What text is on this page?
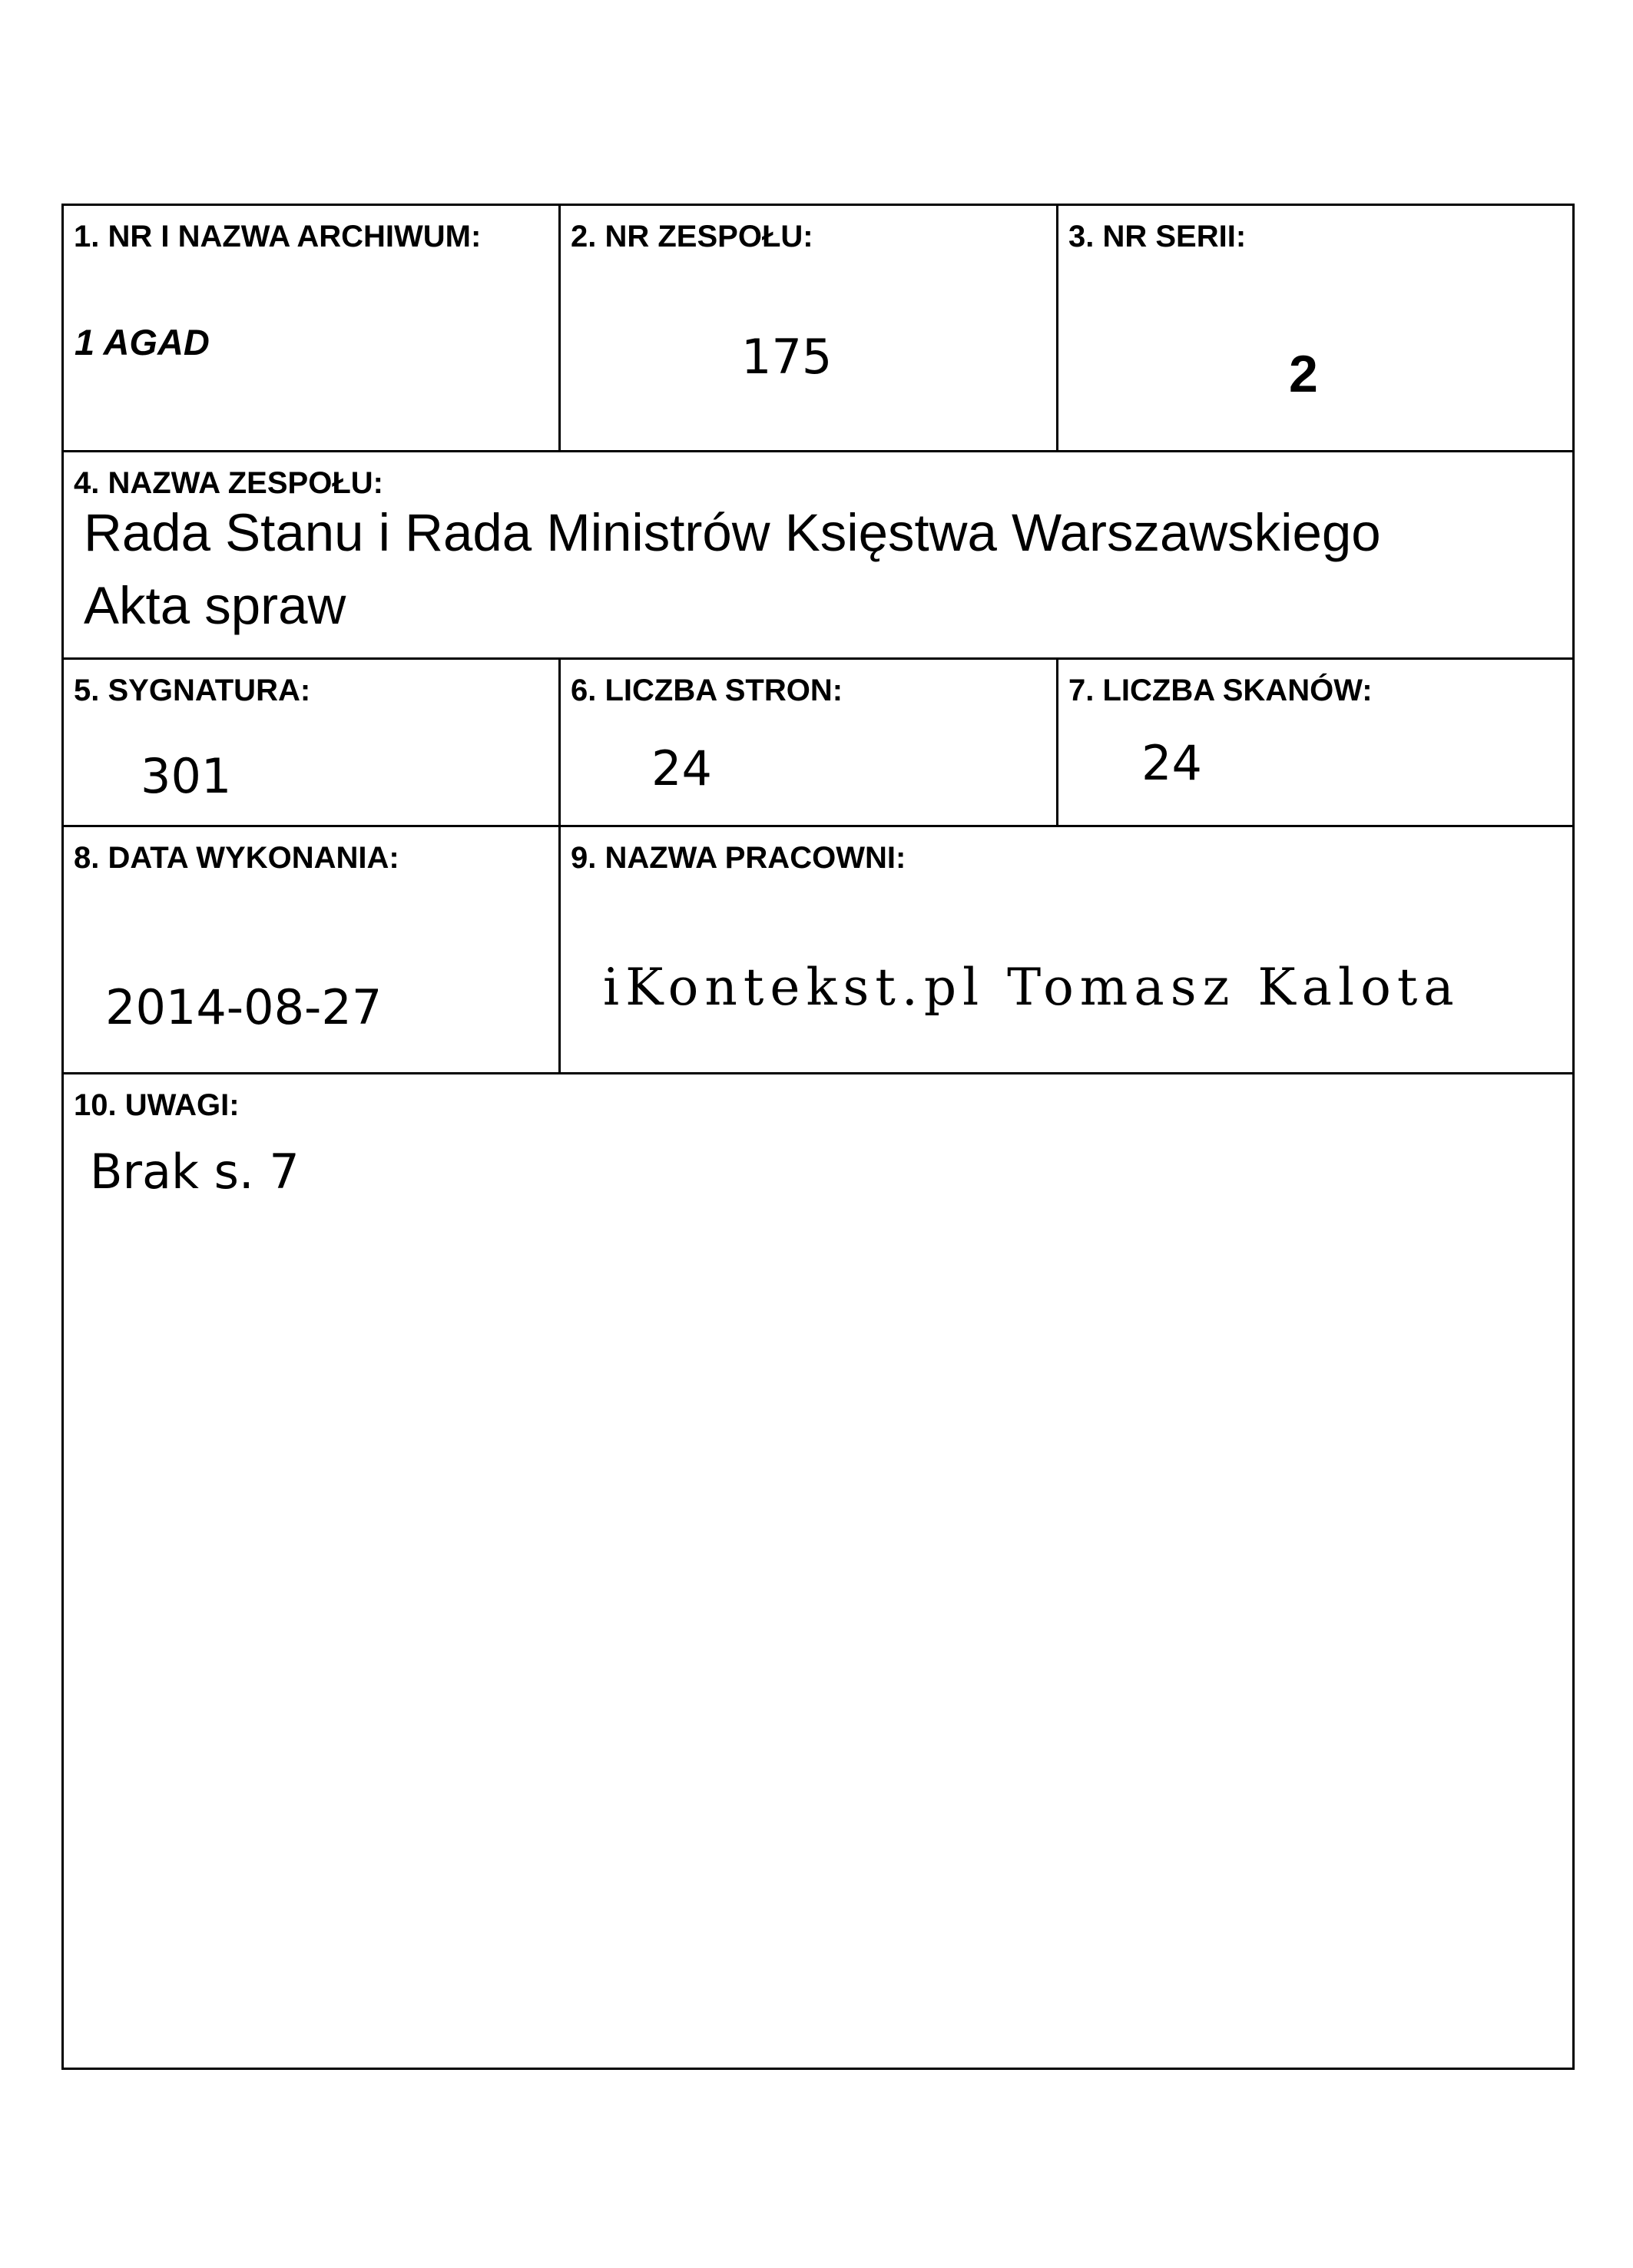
1. NR I NAZWA ARCHIWUM:
1 AGAD
2. NR ZESPOŁU:
175
3. NR SERII:
2
4. NAZWA ZESPOŁU:
Rada Stanu i Rada Ministrów Księstwa Warszawskiego
Akta spraw
5. SYGNATURA:
301
6. LICZBA STRON:
24
7. LICZBA SKANÓW:
24
8. DATA WYKONANIA:
2014-08-27
9. NAZWA PRACOWNI:
iKontekst.pl Tomasz Kalota
10. UWAGI:
Brak s. 7
